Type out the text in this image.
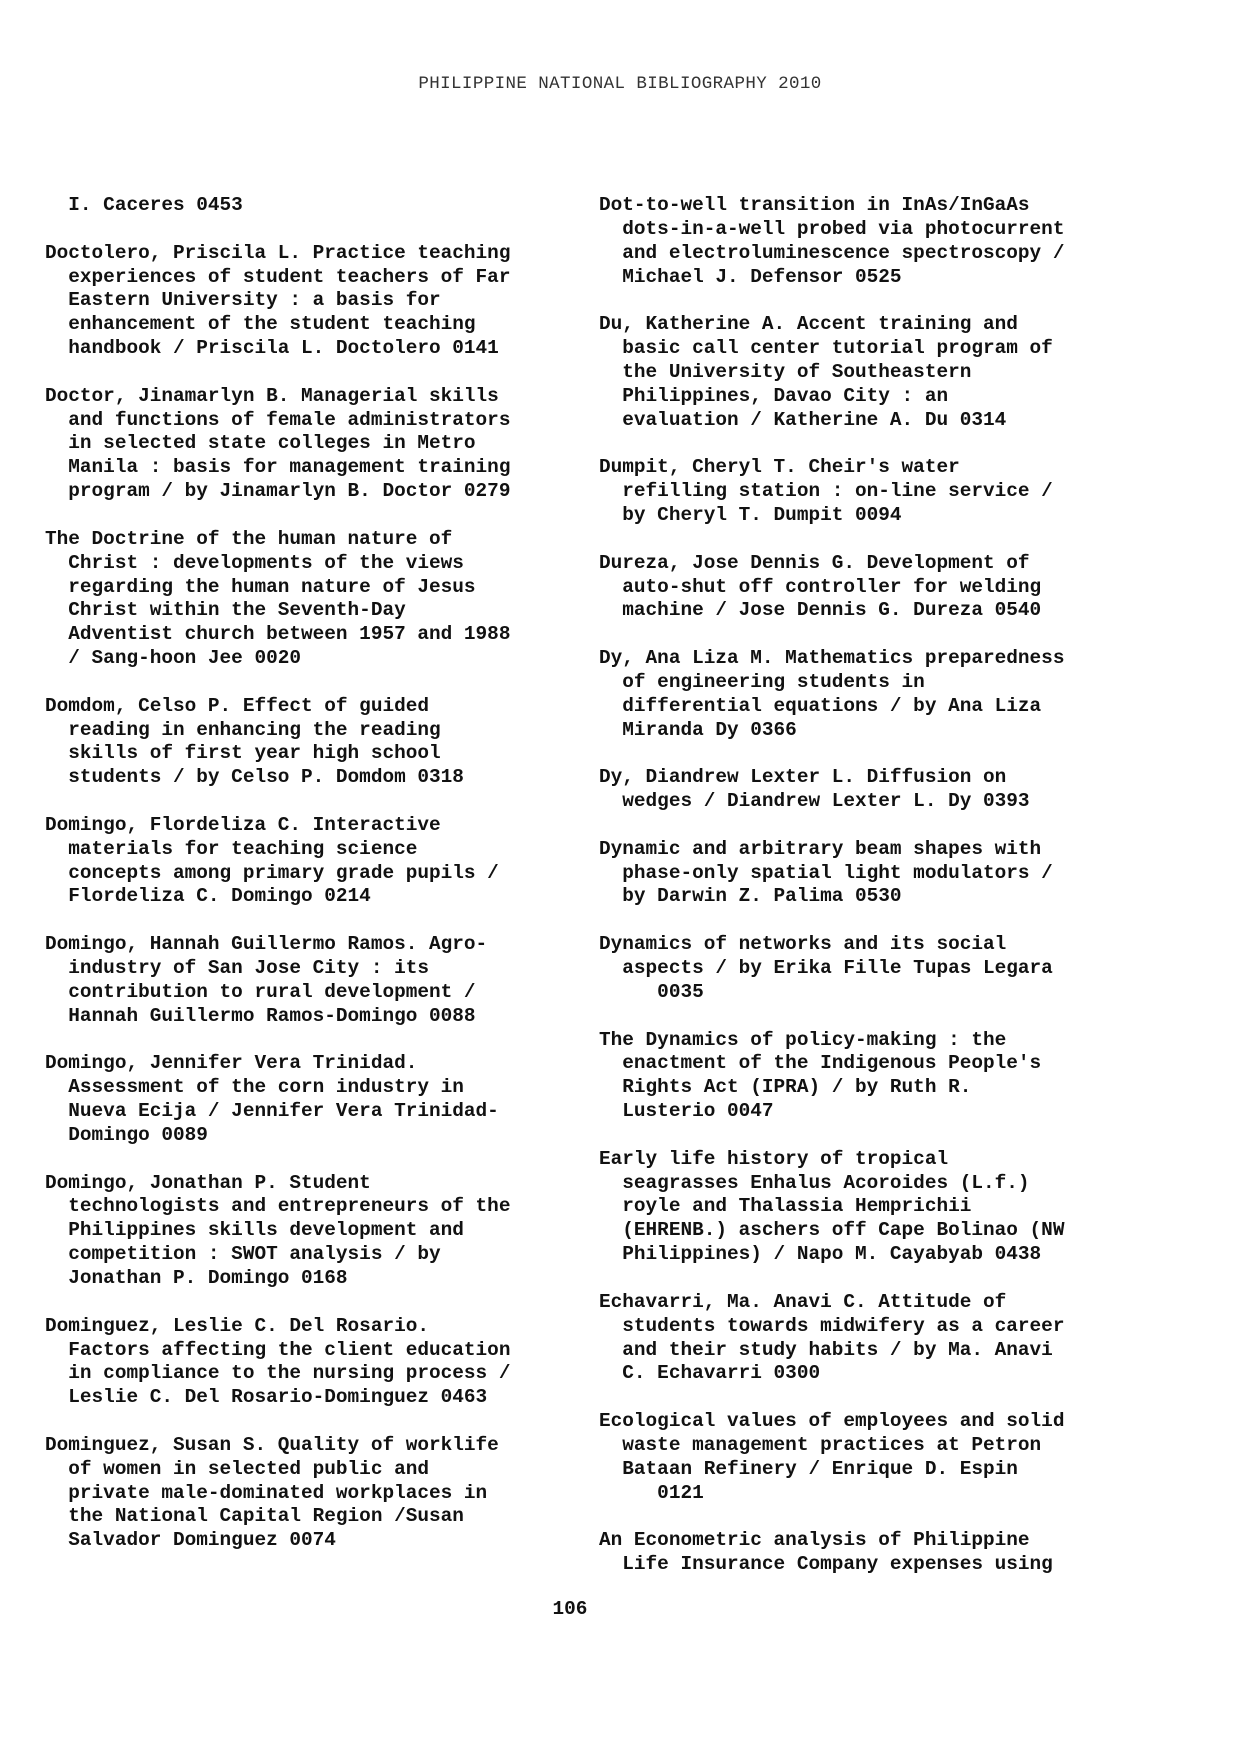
PHILIPPINE NATIONAL BIBLIOGRAPHY 2010

I. Caceres 0453

Doctolero, Priscila L. Practice teaching
experiences of student teachers of Far
Eastern University : a basis for
enhancement of the student teaching
handbook / Priscila L. Doctolero 0141

Doctor, Jinamarlyn B. Managerial skills
and functions of female administrators
in selected state colleges in Metro
Manila : basis for management training
program / by Jinamarlyn B. Doctor 0279

The Doctrine of the human nature of
Christ : developments of the views
regarding the human nature of Jesus
Christ within the Seventh-Day
Adventist church between 1957 and 1988
/ Sang-hoon Jee 0020

Domdom, Celso P. Effect of guided
reading in enhancing the reading
skills of first year high school
students / by Celso P. Domdom 0318

Domingo, Flordeliza C. Interactive
materials for teaching science
concepts among primary grade pupils /
Flordeliza C. Domingo 0214

Domingo, Hannah Guillermo Ramos. Agro-
industry of San Jose City : its
contribution to rural development /
Hannah Guillermo Ramos-Domingo 0088

Domingo, Jennifer Vera Trinidad.
Assessment of the corn industry in
Nueva Ecija / Jennifer Vera Trinidad-
Domingo 0089

Domingo, Jonathan P. Student
technologists and entrepreneurs of the
Philippines skills development and
competition : SWOT analysis / by
Jonathan P. Domingo 0168

Dominguez, Leslie C. Del Rosario.
Factors affecting the client education
in compliance to the nursing process /
Leslie C. Del Rosario-Dominguez 0463

Dominguez, Susan S. Quality of worklife
of women in selected public and
private male-dominated workplaces in
the National Capital Region /Susan
Salvador Dominguez 0074

Dot-to-well transition in InAs/InGaAs
dots-in-a-well probed via photocurrent
and electroluminescence spectroscopy /
Michael J. Defensor 0525

Du, Katherine A. Accent training and
basic call center tutorial program of
the University of Southeastern
Philippines, Davao City : an
evaluation / Katherine A. Du 0314

Dumpit, Cheryl T. Cheir's water
refilling station : on-line service /
by Cheryl T. Dumpit 0094

Dureza, Jose Dennis G. Development of
auto-shut off controller for welding
machine / Jose Dennis G. Dureza 0540

Dy, Ana Liza M. Mathematics preparedness
of engineering students in
differential equations / by Ana Liza
Miranda Dy 0366

Dy, Diandrew Lexter L. Diffusion on
wedges / Diandrew Lexter L. Dy 0393

Dynamic and arbitrary beam shapes with
phase-only spatial light modulators /
by Darwin Z. Palima 0530

Dynamics of networks and its social
aspects / by Erika Fille Tupas Legara
0035

The Dynamics of policy-making : the
enactment of the Indigenous People's
Rights Act (IPRA) / by Ruth R.
Lusterio 0047

Early life history of tropical
seagrasses Enhalus Acoroides (L.f.)
royle and Thalassia Hemprichii
(EHRENB.) aschers off Cape Bolinao (NW
Philippines) / Napo M. Cayabyab 0438

Echavarri, Ma. Anavi C. Attitude of
students towards midwifery as a career
and their study habits / by Ma. Anavi
C. Echavarri 0300

Ecological values of employees and solid
waste management practices at Petron
Bataan Refinery / Enrique D. Espin
0121

An Econometric analysis of Philippine
Life Insurance Company expenses using

106
